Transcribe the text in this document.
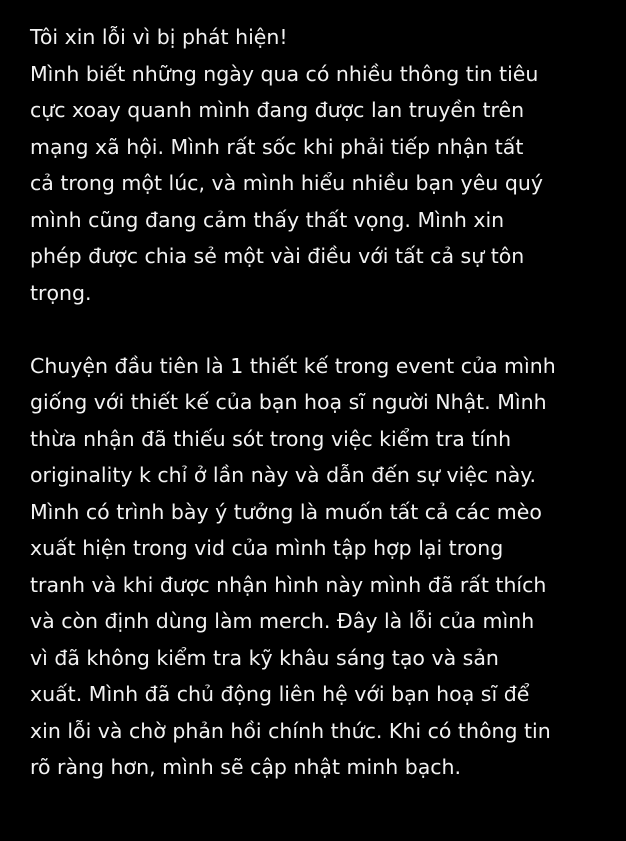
Tôi xin lỗi vì bị phát hiện!

Mình biết những ngày qua có nhiều thông tin tiêu

cực xoay quanh mình đang được lan truyền trên

mạng xã hội. Mình rất sốc khi phải tiếp nhận tất

cả trong một lúc, và mình hiểu nhiều bạn yêu quý

mình cũng đang cảm thấy thất vọng. Mình xin

phép được chia sẻ một vài điều với tất cả sự tôn

trọng.

Chuyện đầu tiên là 1 thiết kế trong event của mình

giống với thiết kế của bạn hoạ sĩ người Nhật. Mình

thừa nhận đã thiếu sót trong việc kiểm tra tính

originality k chỉ ở lần này và dẫn đến sự việc này.

Mình có trình bày ý tưởng là muốn tất cả các mèo

xuất hiện trong vid của mình tập hợp lại trong

tranh và khi được nhận hình này mình đã rất thích

và còn định dùng làm merch. Đây là lỗi của mình

vì đã không kiểm tra kỹ khâu sáng tạo và sản

xuất. Mình đã chủ động liên hệ với bạn hoạ sĩ để

xin lỗi và chờ phản hồi chính thức. Khi có thông tin

rõ ràng hơn, mình sẽ cập nhật minh bạch.
